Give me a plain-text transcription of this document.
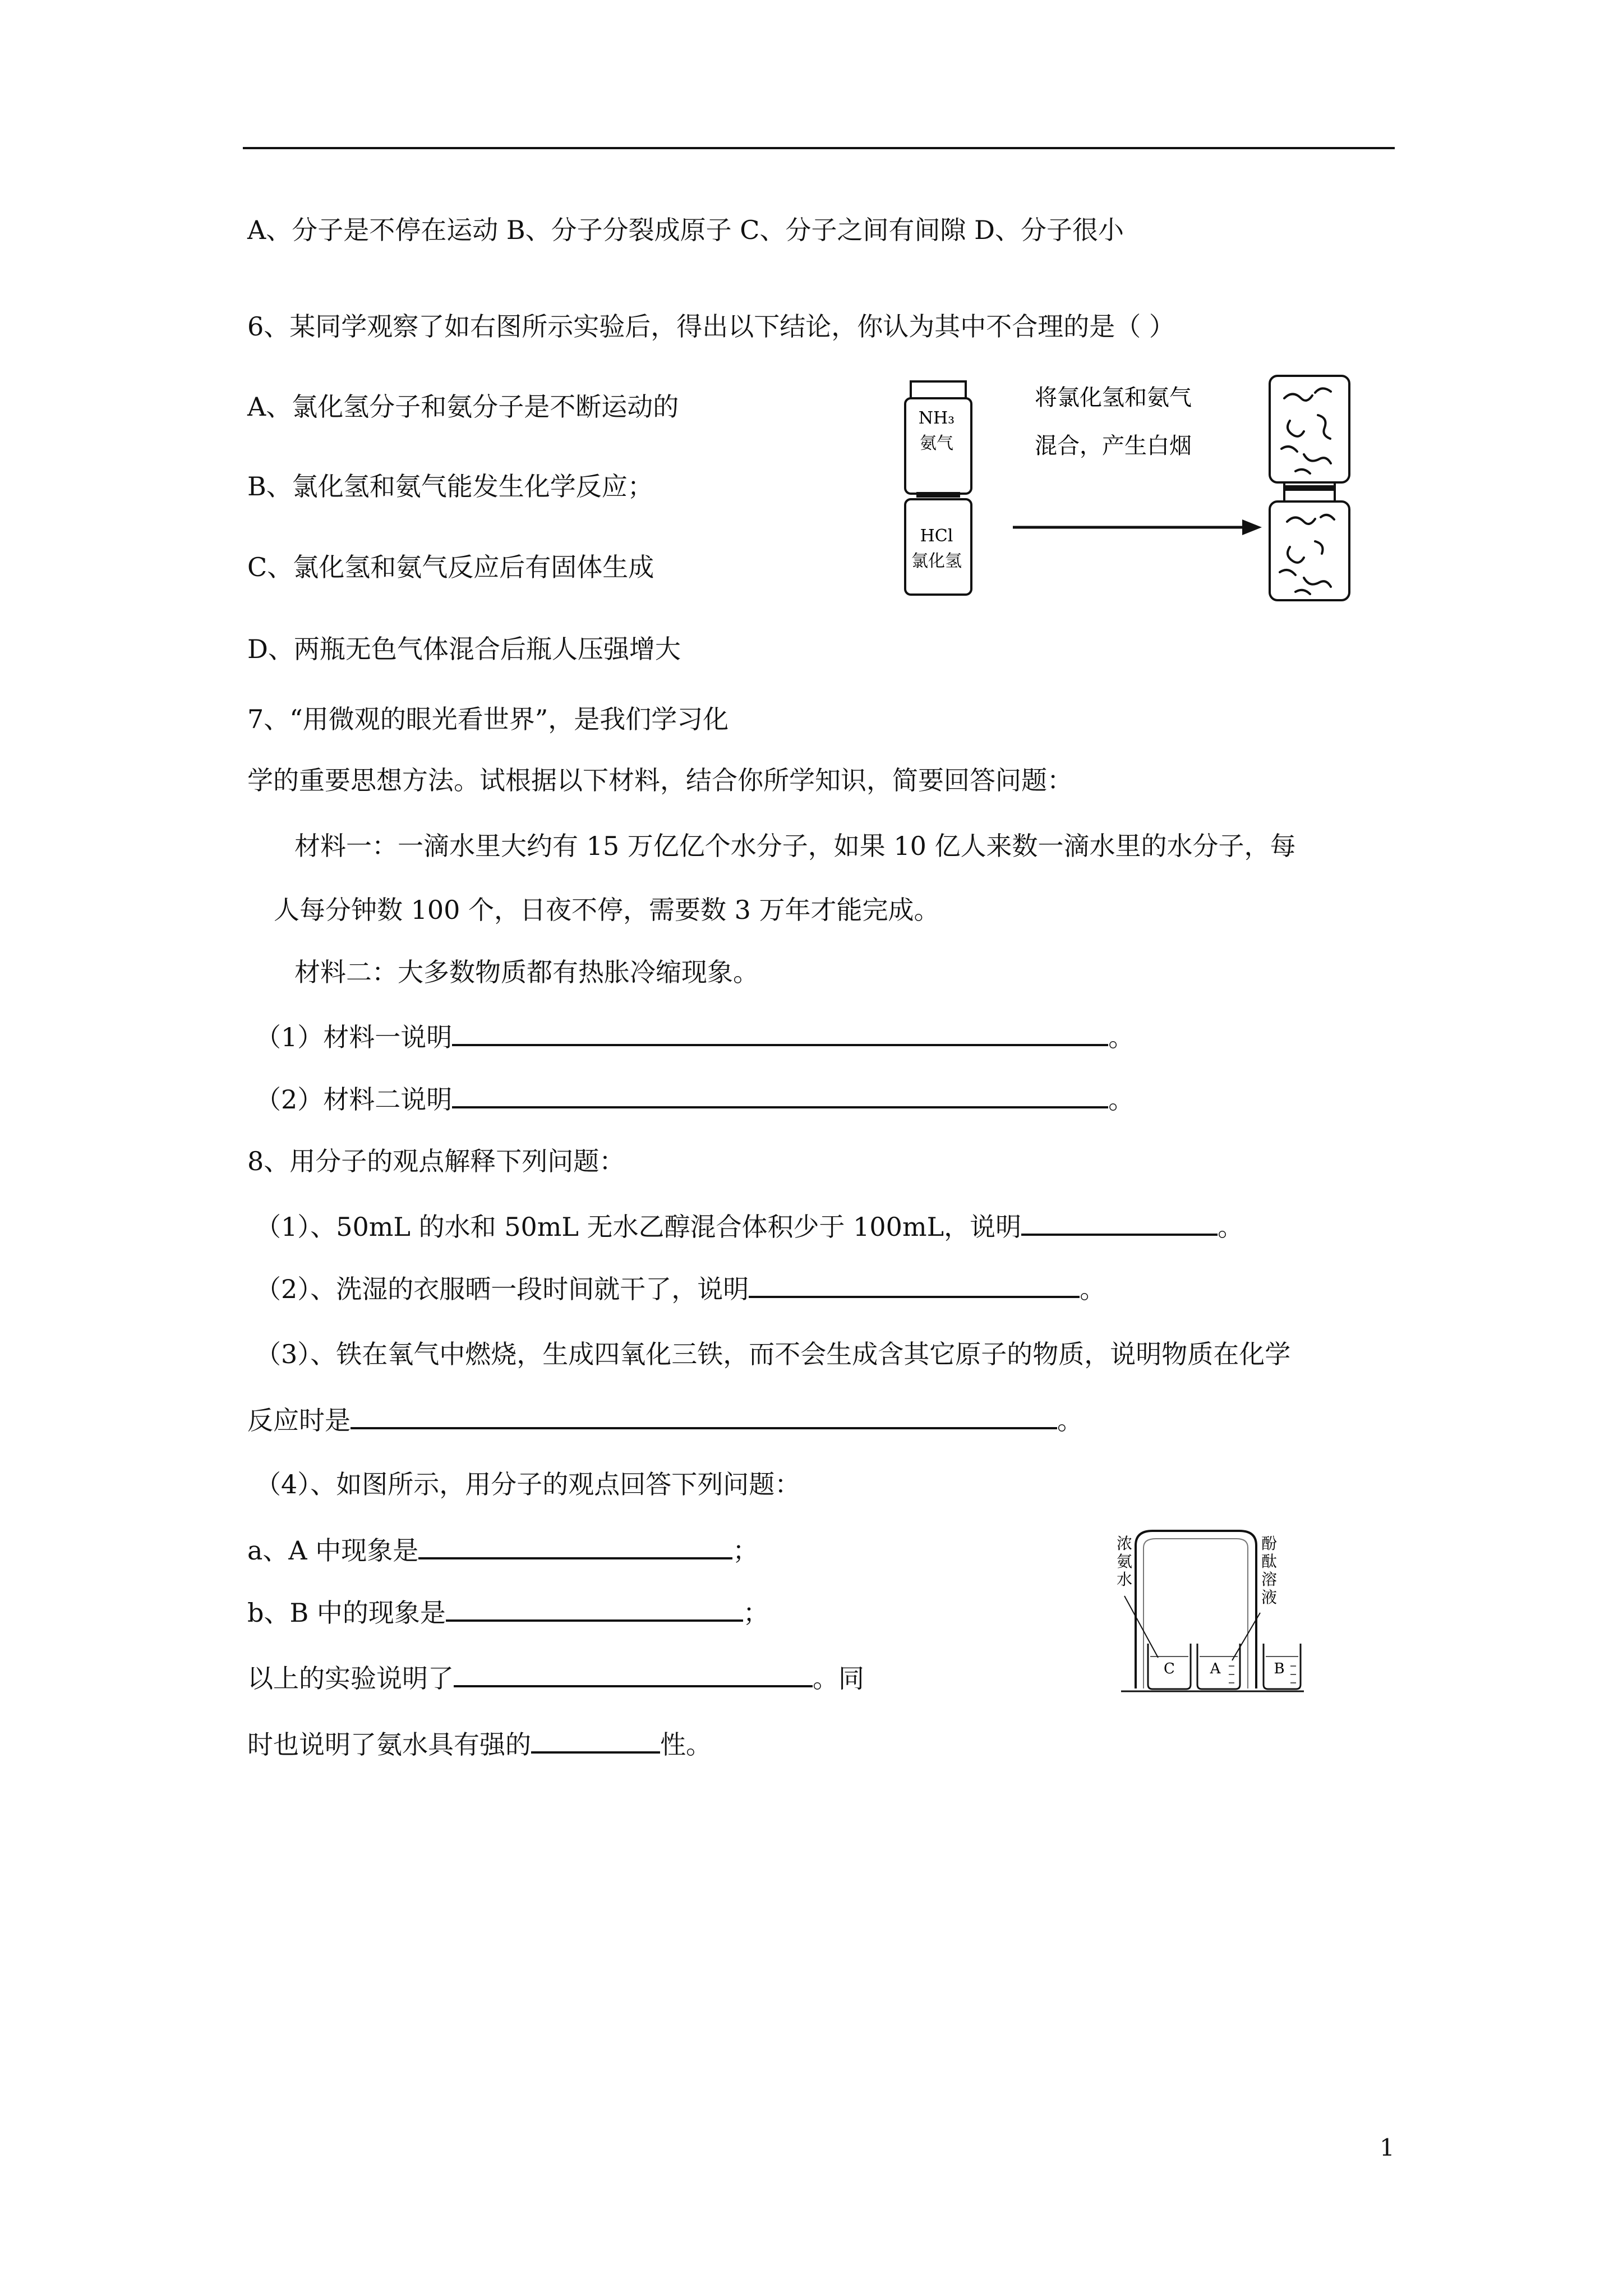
A、分子是不停在运动 B、分子分裂成原子 C、分子之间有间隙 D、分子很小
6、某同学观察了如右图所示实验后，得出以下结论，你认为其中不合理的是（ ）
A、氯化氢分子和氨分子是不断运动的
B、氯化氢和氨气能发生化学反应；
C、氯化氢和氨气反应后有固体生成
D、两瓶无色气体混合后瓶人压强增大
NH₃
氨气
HCl
氯化氢
将氯化氢和氨气
混合，产生白烟
7、“用微观的眼光看世界”，是我们学习化
学的重要思想方法。试根据以下材料，结合你所学知识，简要回答问题：
材料一：一滴水里大约有 15 万亿亿个水分子，如果 10 亿人来数一滴水里的水分子，每
人每分钟数 100 个，日夜不停，需要数 3 万年才能完成。
材料二：大多数物质都有热胀冷缩现象。
（1）材料一说明	。
（2）材料二说明	。
8、用分子的观点解释下列问题：
（1）、50mL 的水和 50mL 无水乙醇混合体积少于 100mL，说明	。
（2）、洗湿的衣服晒一段时间就干了，说明	。
（3）、铁在氧气中燃烧，生成四氧化三铁，而不会生成含其它原子的物质，说明物质在化学
反应时是	。
（4）、如图所示，用分子的观点回答下列问题：
a、A 中现象是	；
b、B 中的现象是	；
以上的实验说明了	。同
时也说明了氨水具有强的	性。
C A	B
浓氨水
酚酞溶液
1
